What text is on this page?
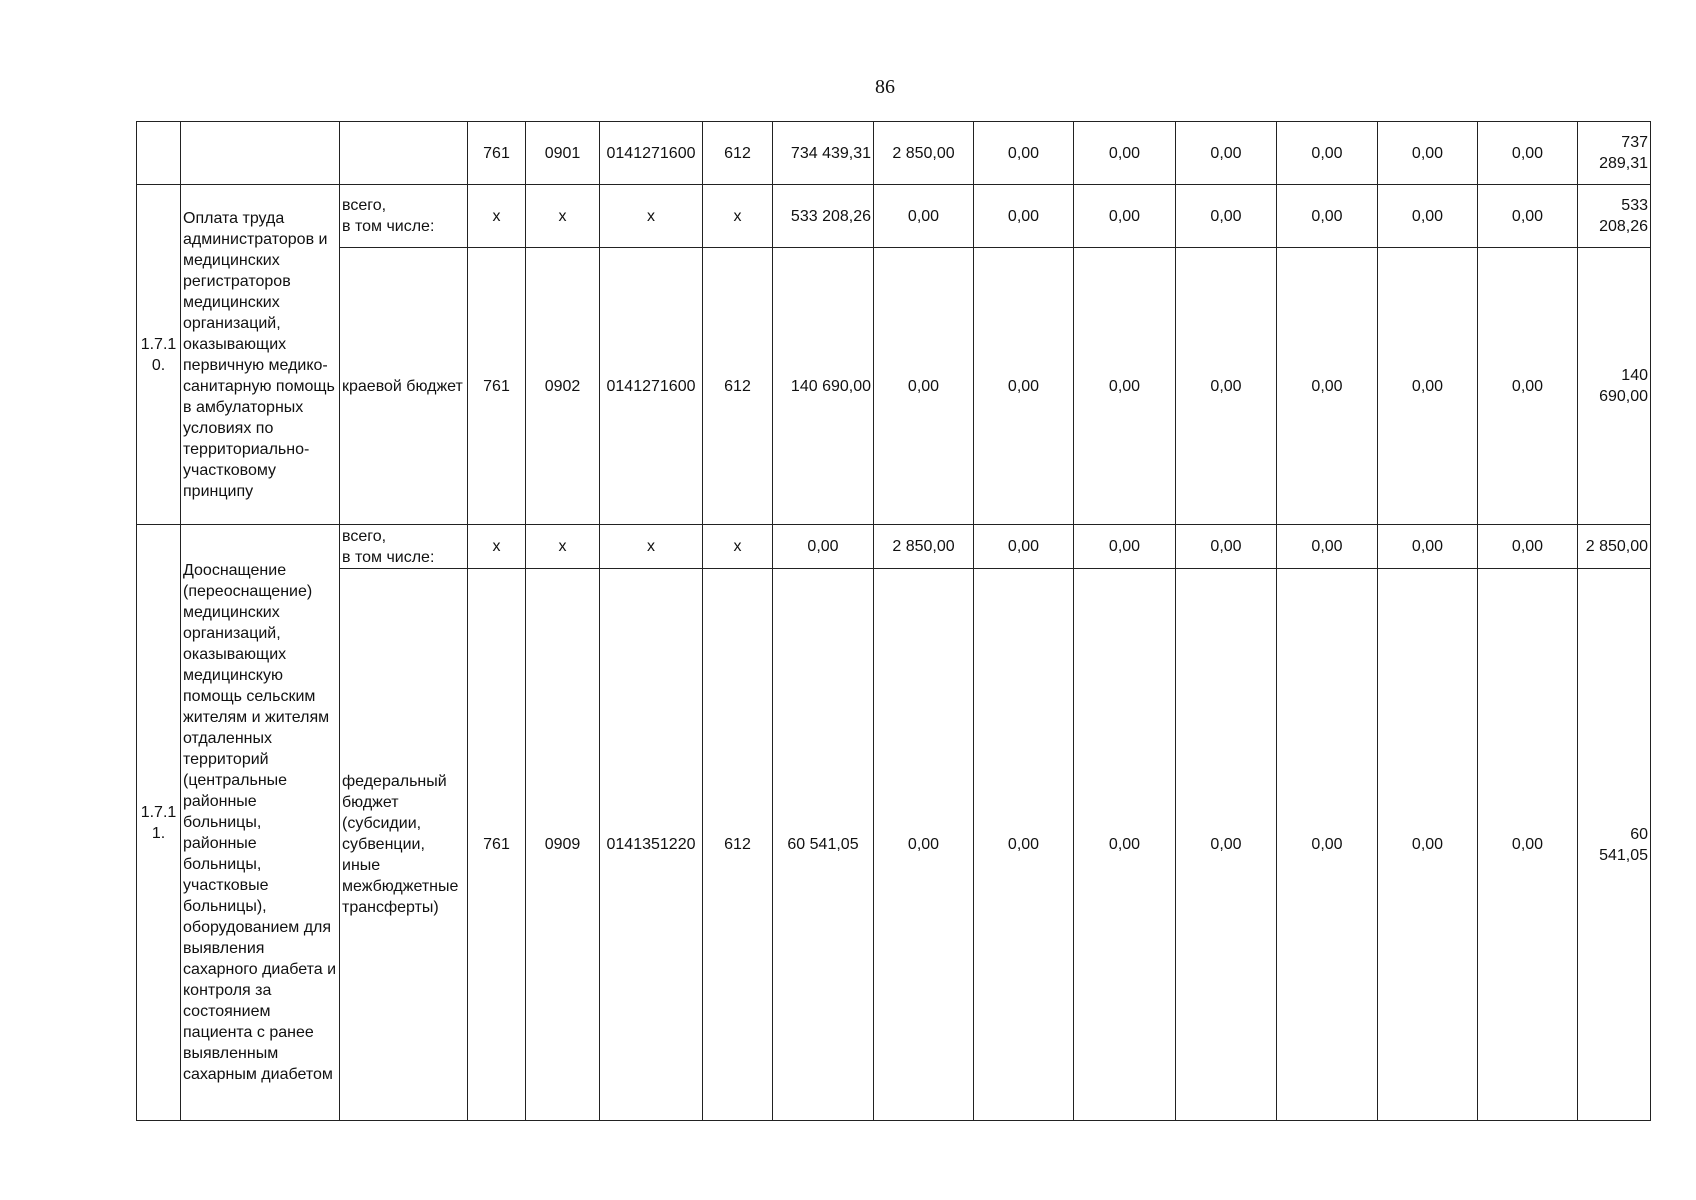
86
			761	0901	0141271600	612	734 439,31	2 850,00	0,00	0,00	0,00	0,00	0,00	0,00	737 289,31
1.7.10.	Оплата труда администраторов и медицинских регистраторов медицинских организаций, оказывающих первичную медико-санитарную помощь в амбулаторных условиях по территориально-участковому принципу	всего,
в том числе:	х	х	х	х	533 208,26	0,00	0,00	0,00	0,00	0,00	0,00	0,00	533 208,26
		краевой бюджет	761	0902	0141271600	612	140 690,00	0,00	0,00	0,00	0,00	0,00	0,00	0,00	140 690,00
1.7.11.	Дооснащение (переоснащение) медицинских организаций, оказывающих медицинскую помощь сельским жителям и жителям отдаленных территорий (центральные районные больницы, районные больницы, участковые больницы), оборудованием для выявления сахарного диабета и контроля за состоянием пациента с ранее выявленным сахарным диабетом	всего,
в том числе:	х	х	х	х	0,00	2 850,00	0,00	0,00	0,00	0,00	0,00	0,00	2 850,00
		федеральный бюджет (субсидии, субвенции, иные межбюджетные трансферты)	761	0909	0141351220	612	60 541,05	0,00	0,00	0,00	0,00	0,00	0,00	0,00	60 541,05
